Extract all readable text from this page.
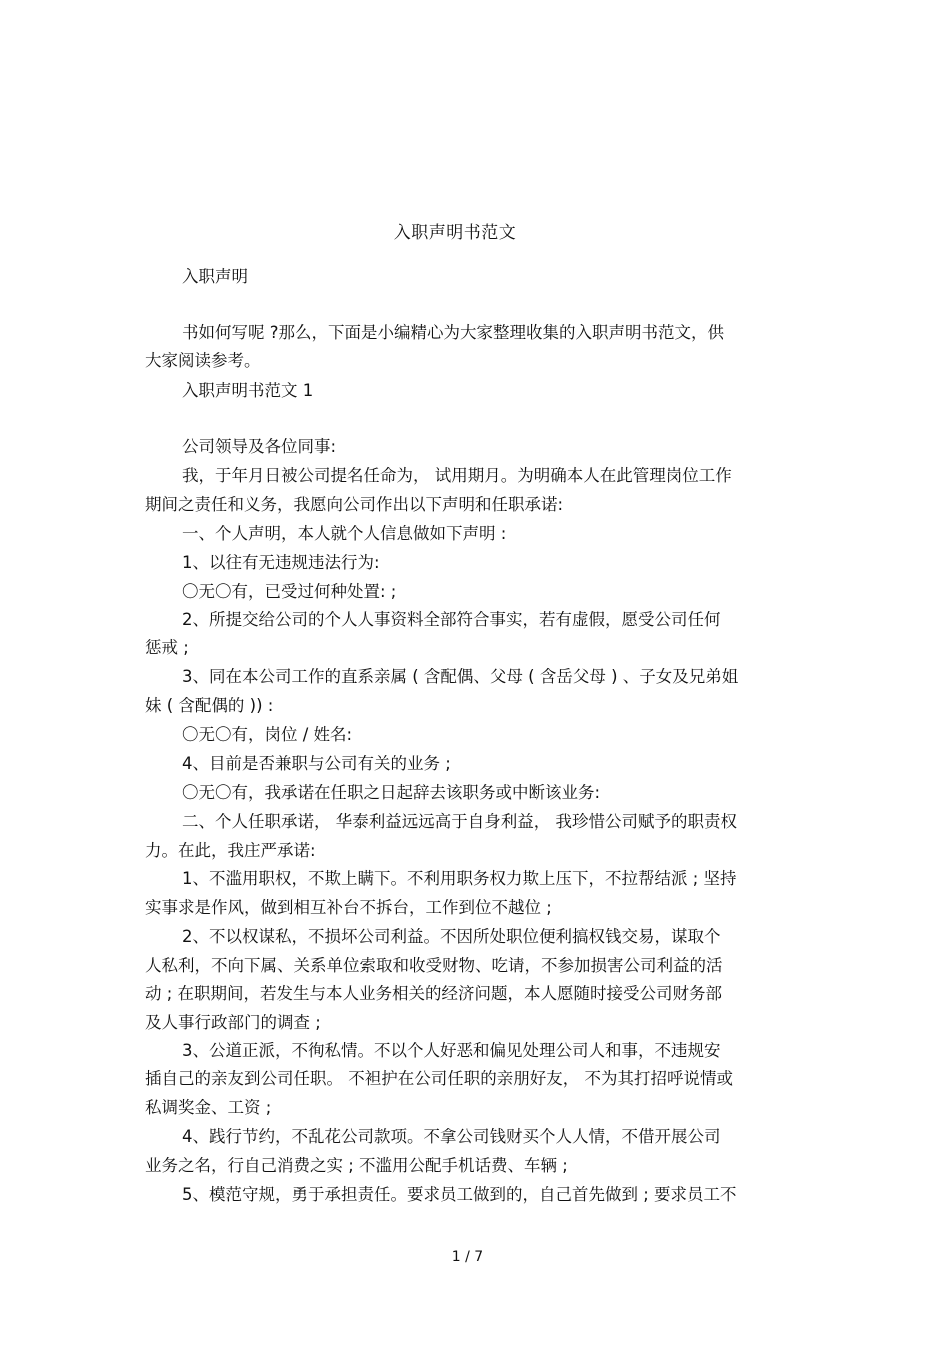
入职声明书范文
入职声明
书如何写呢 ?那么，下面是小编精心为大家整理收集的入职声明书范文，供
大家阅读参考。
入职声明书范文 1
公司领导及各位同事:
我，于年月日被公司提名任命为， 试用期月。为明确本人在此管理岗位工作
期间之责任和义务，我愿向公司作出以下声明和任职承诺:
一、个人声明，本人就个人信息做如下声明 :
1、以往有无违规违法行为:
〇无〇有，已受过何种处置: ;
2、所提交给公司的个人人事资料全部符合事实，若有虚假，愿受公司任何
惩戒 ;
3、同在本公司工作的直系亲属 ( 含配偶、父母 ( 含岳父母 ) 、子女及兄弟姐
妹 ( 含配偶的 )) :
〇无〇有，岗位 / 姓名:
4、目前是否兼职与公司有关的业务 ;
〇无〇有，我承诺在任职之日起辞去该职务或中断该业务:
二、个人任职承诺， 华泰利益远远高于自身利益， 我珍惜公司赋予的职责权
力。在此，我庄严承诺:
1、不滥用职权，不欺上瞒下。不利用职务权力欺上压下，不拉帮结派 ; 坚持
实事求是作风，做到相互补台不拆台，工作到位不越位 ;
2、不以权谋私，不损坏公司利益。不因所处职位便利搞权钱交易，谋取个
人私利，不向下属、关系单位索取和收受财物、吃请，不参加损害公司利益的活
动 ; 在职期间，若发生与本人业务相关的经济问题，本人愿随时接受公司财务部
及人事行政部门的调查 ;
3、公道正派，不徇私情。不以个人好恶和偏见处理公司人和事，不违规安
插自己的亲友到公司任职。 不袒护在公司任职的亲朋好友， 不为其打招呼说情或
私调奖金、工资 ;
4、践行节约，不乱花公司款项。不拿公司钱财买个人人情，不借开展公司
业务之名，行自己消费之实 ; 不滥用公配手机话费、车辆 ;
5、模范守规，勇于承担责任。要求员工做到的，自己首先做到 ; 要求员工不
1 / 7
